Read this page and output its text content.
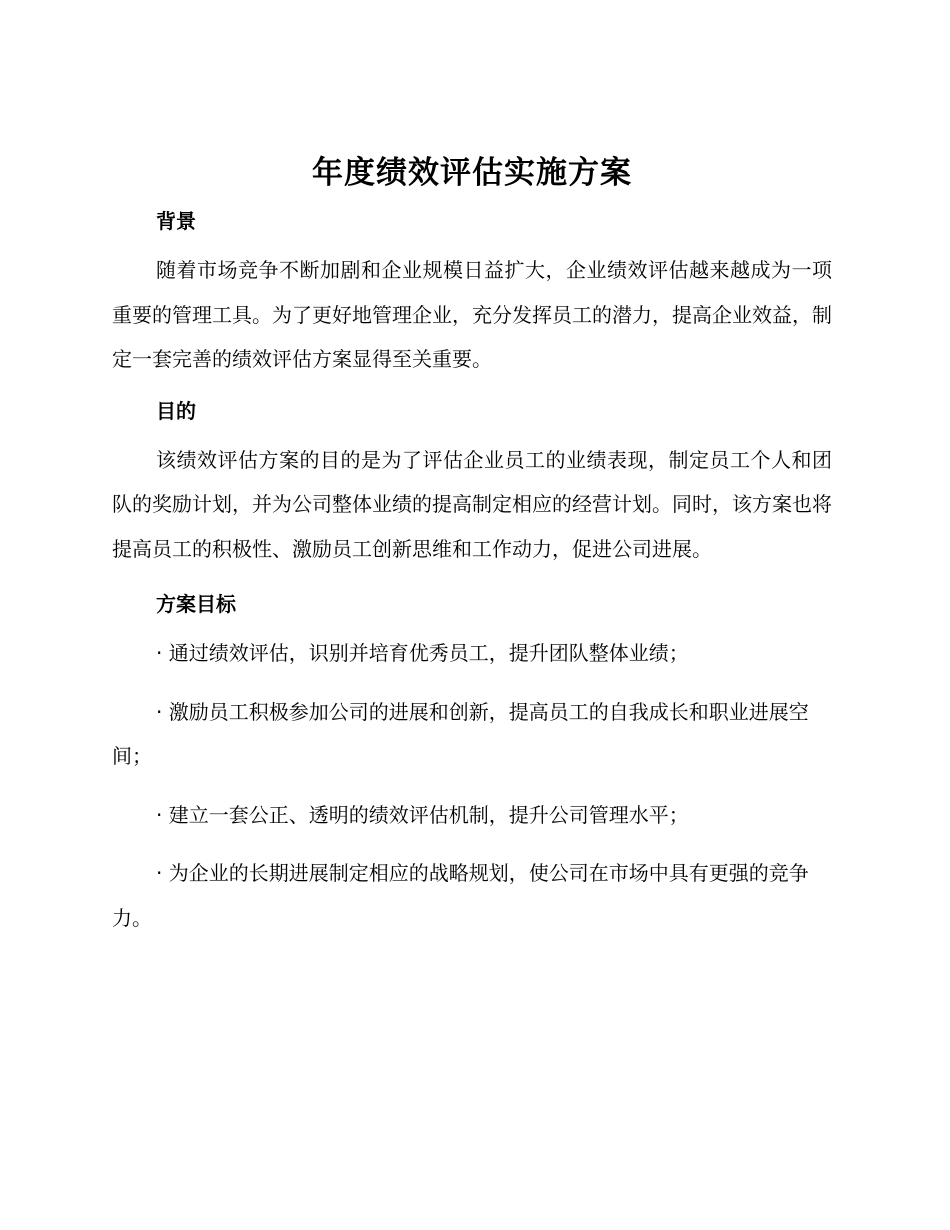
年度绩效评估实施方案
背景

随着市场竞争不断加剧和企业规模日益扩大，企业绩效评估越来越成为一项重要的管理工具。为了更好地管理企业，充分发挥员工的潜力，提高企业效益，制定一套完善的绩效评估方案显得至关重要。

目的

该绩效评估方案的目的是为了评估企业员工的业绩表现，制定员工个人和团队的奖励计划，并为公司整体业绩的提高制定相应的经营计划。同时，该方案也将提高员工的积极性、激励员工创新思维和工作动力，促进公司进展。

方案目标

· 通过绩效评估，识别并培育优秀员工，提升团队整体业绩；

· 激励员工积极参加公司的进展和创新，提高员工的自我成长和职业进展空间；

· 建立一套公正、透明的绩效评估机制，提升公司管理水平；

· 为企业的长期进展制定相应的战略规划，使公司在市场中具有更强的竞争力。
